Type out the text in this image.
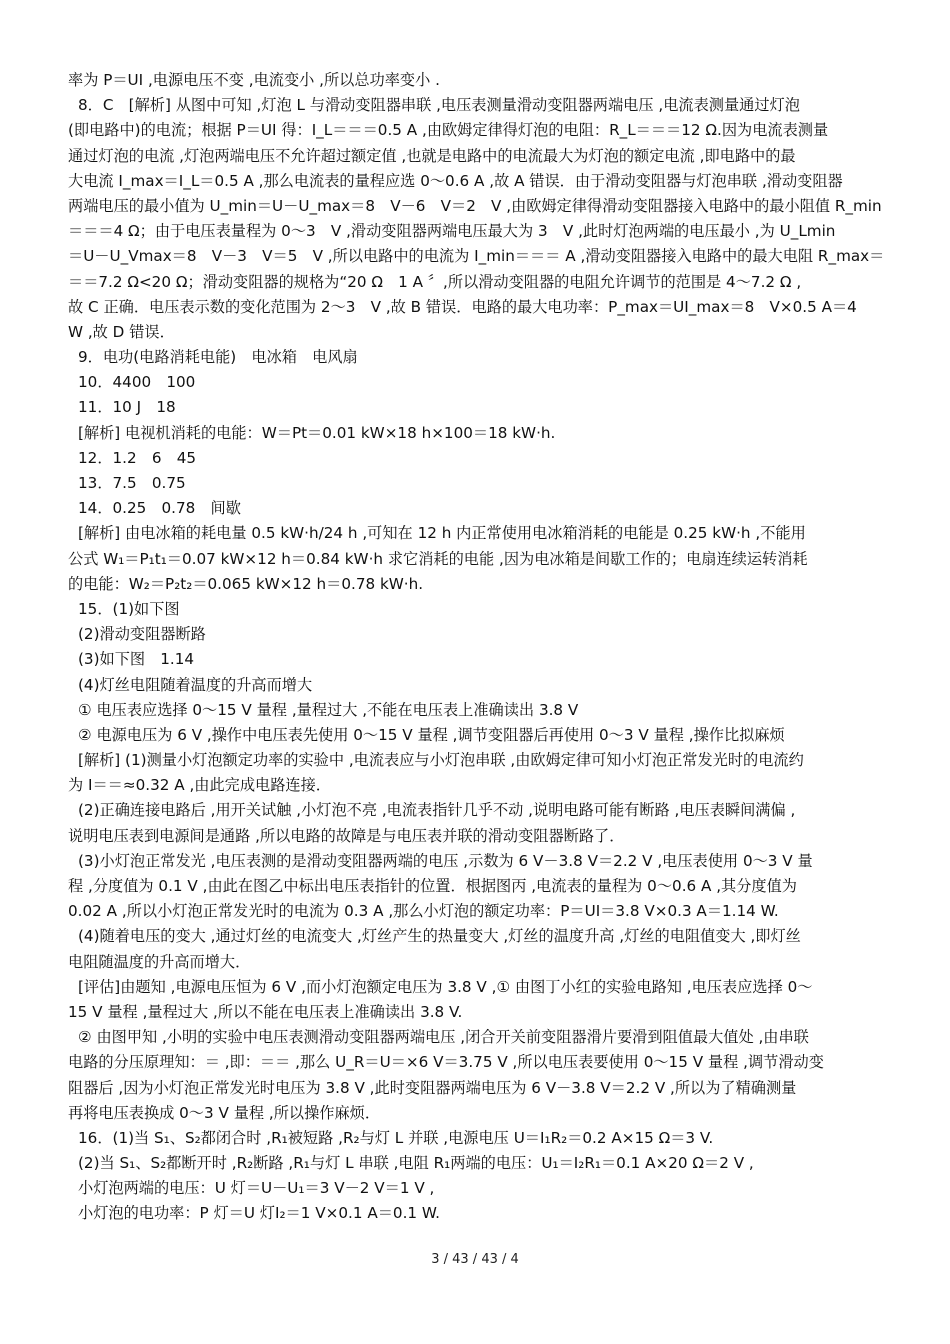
率为 P＝UI ,电源电压不变 ,电流变小 ,所以总功率变小 .
8．C　[解析] 从图中可知 ,灯泡 L 与滑动变阻器串联 ,电压表测量滑动变阻器两端电压 ,电流表测量通过灯泡
(即电路中)的电流；根据 P＝UI 得：I_L＝＝＝0.5 A ,由欧姆定律得灯泡的电阻：R_L＝＝＝12 Ω.因为电流表测量
通过灯泡的电流 ,灯泡两端电压不允许超过额定值 ,也就是电路中的电流最大为灯泡的额定电流 ,即电路中的最
大电流 I_max＝I_L＝0.5 A ,那么电流表的量程应选 0～0.6 A ,故 A 错误．由于滑动变阻器与灯泡串联 ,滑动变阻器
两端电压的最小值为 U_min＝U－U_max＝8　V－6　V＝2　V ,由欧姆定律得滑动变阻器接入电路中的最小阻值 R_min
＝＝＝4 Ω；由于电压表量程为 0～3　V ,滑动变阻器两端电压最大为 3　V ,此时灯泡两端的电压最小 ,为 U_Lmin
＝U－U_Vmax＝8　V－3　V＝5　V ,所以电路中的电流为 I_min＝＝＝ A ,滑动变阻器接入电路中的最大电阻 R_max＝
＝＝7.2 Ω<20 Ω；滑动变阻器的规格为“20 Ω　1 A 〞,所以滑动变阻器的电阻允许调节的范围是 4～7.2 Ω ,
故 C 正确．电压表示数的变化范围为 2～3　V ,故 B 错误．电路的最大电功率：P_max＝UI_max＝8　V×0.5 A＝4
W ,故 D 错误．
9．电功(电路消耗电能)　电冰箱　电风扇
10．4400　100
11．10 J　18
[解析] 电视机消耗的电能：W＝Pt＝0.01 kW×18 h×100＝18 kW·h.
12．1.2　6　45
13．7.5　0.75
14．0.25　0.78　间歇
[解析] 由电冰箱的耗电量 0.5 kW·h/24 h ,可知在 12 h 内正常使用电冰箱消耗的电能是 0.25 kW·h ,不能用
公式 W₁＝P₁t₁＝0.07 kW×12 h＝0.84 kW·h 求它消耗的电能 ,因为电冰箱是间歇工作的；电扇连续运转消耗
的电能：W₂＝P₂t₂＝0.065 kW×12 h＝0.78 kW·h.
15．(1)如下图
(2)滑动变阻器断路
(3)如下图　1.14
(4)灯丝电阻随着温度的升高而增大
① 电压表应选择 0～15 V 量程 ,量程过大 ,不能在电压表上准确读出 3.8 V
② 电源电压为 6 V ,操作中电压表先使用 0～15 V 量程 ,调节变阻器后再使用 0～3 V 量程 ,操作比拟麻烦
[解析] (1)测量小灯泡额定功率的实验中 ,电流表应与小灯泡串联 ,由欧姆定律可知小灯泡正常发光时的电流约
为 I＝＝≈0.32 A ,由此完成电路连接．
(2)正确连接电路后 ,用开关试触 ,小灯泡不亮 ,电流表指针几乎不动 ,说明电路可能有断路 ,电压表瞬间满偏 ,
说明电压表到电源间是通路 ,所以电路的故障是与电压表并联的滑动变阻器断路了．
(3)小灯泡正常发光 ,电压表测的是滑动变阻器两端的电压 ,示数为 6 V－3.8 V＝2.2 V ,电压表使用 0～3 V 量
程 ,分度值为 0.1 V ,由此在图乙中标出电压表指针的位置．根据图丙 ,电流表的量程为 0～0.6 A ,其分度值为
0.02 A ,所以小灯泡正常发光时的电流为 0.3 A ,那么小灯泡的额定功率：P＝UI＝3.8 V×0.3 A＝1.14 W.
(4)随着电压的变大 ,通过灯丝的电流变大 ,灯丝产生的热量变大 ,灯丝的温度升高 ,灯丝的电阻值变大 ,即灯丝
电阻随温度的升高而增大．
[评估]由题知 ,电源电压恒为 6 V ,而小灯泡额定电压为 3.8 V ,① 由图丁小红的实验电路知 ,电压表应选择 0～
15 V 量程 ,量程过大 ,所以不能在电压表上准确读出 3.8 V.
② 由图甲知 ,小明的实验中电压表测滑动变阻器两端电压 ,闭合开关前变阻器滑片要滑到阻值最大值处 ,由串联
电路的分压原理知：＝ ,即：＝＝ ,那么 U_R＝U＝×6 V＝3.75 V ,所以电压表要使用 0～15 V 量程 ,调节滑动变
阻器后 ,因为小灯泡正常发光时电压为 3.8 V ,此时变阻器两端电压为 6 V－3.8 V＝2.2 V ,所以为了精确测量
再将电压表换成 0～3 V 量程 ,所以操作麻烦．
16．(1)当 S₁、S₂都闭合时 ,R₁被短路 ,R₂与灯 L 并联 ,电源电压 U＝I₁R₂＝0.2 A×15 Ω＝3 V.
(2)当 S₁、S₂都断开时 ,R₂断路 ,R₁与灯 L 串联 ,电阻 R₁两端的电压：U₁＝I₂R₁＝0.1 A×20 Ω＝2 V ,
小灯泡两端的电压：U 灯＝U－U₁＝3 V－2 V＝1 V ,
小灯泡的电功率：P 灯＝U 灯I₂＝1 V×0.1 A＝0.1 W.
3 / 43 / 43 / 4
